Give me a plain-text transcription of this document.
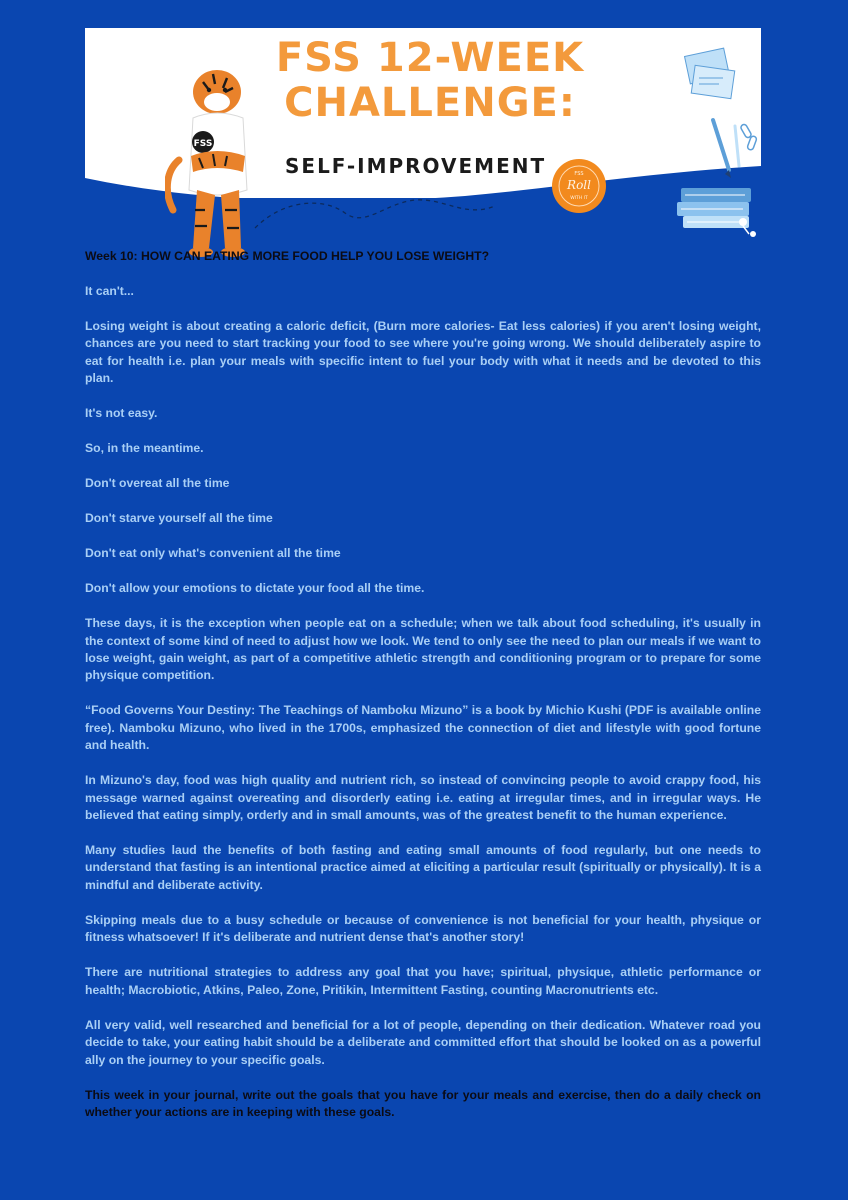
FSS 12-WEEK
CHALLENGE:
SELF-IMPROVEMENT
FSS
FSS
Roll
WITH IT

Week 10: HOW CAN EATING MORE FOOD HELP YOU LOSE WEIGHT?

It can't...

Losing weight is about creating a caloric deficit, (Burn more calories- Eat less calories) if you aren't losing weight, chances are you need to start tracking your food to see where you're going wrong. We should deliberately aspire to eat for health i.e. plan your meals with specific intent to fuel your body with what it needs and be devoted to this plan.

It's not easy.

So, in the meantime.

Don't overeat all the time

Don't starve yourself all the time

Don't eat only what's convenient all the time

Don't allow your emotions to dictate your food all the time.

These days, it is the exception when people eat on a schedule; when we talk about food scheduling, it's usually in the context of some kind of need to adjust how we look. We tend to only see the need to plan our meals if we want to lose weight, gain weight, as part of a competitive athletic strength and conditioning program or to prepare for some physique competition.

“Food Governs Your Destiny: The Teachings of Namboku Mizuno” is a book by Michio Kushi (PDF is available online free). Namboku Mizuno, who lived in the 1700s, emphasized the connection of diet and lifestyle with good fortune and health.

In Mizuno's day, food was high quality and nutrient rich, so instead of convincing people to avoid crappy food, his message warned against overeating and disorderly eating i.e. eating at irregular times, and in irregular ways. He believed that eating simply, orderly and in small amounts, was of the greatest benefit to the human experience.

Many studies laud the benefits of both fasting and eating small amounts of food regularly, but one needs to understand that fasting is an intentional practice aimed at eliciting a particular result (spiritually or physically). It is a mindful and deliberate activity.

Skipping meals due to a busy schedule or because of convenience is not beneficial for your health, physique or fitness whatsoever! If it's deliberate and nutrient dense that's another story!

There are nutritional strategies to address any goal that you have; spiritual, physique, athletic performance or health; Macrobiotic, Atkins, Paleo, Zone, Pritikin, Intermittent Fasting, counting Macronutrients etc.

All very valid, well researched and beneficial for a lot of people, depending on their dedication. Whatever road you decide to take, your eating habit should be a deliberate and committed effort that should be looked on as a powerful ally on the journey to your specific goals.

This week in your journal, write out the goals that you have for your meals and exercise, then do a daily check on whether your actions are in keeping with these goals.
